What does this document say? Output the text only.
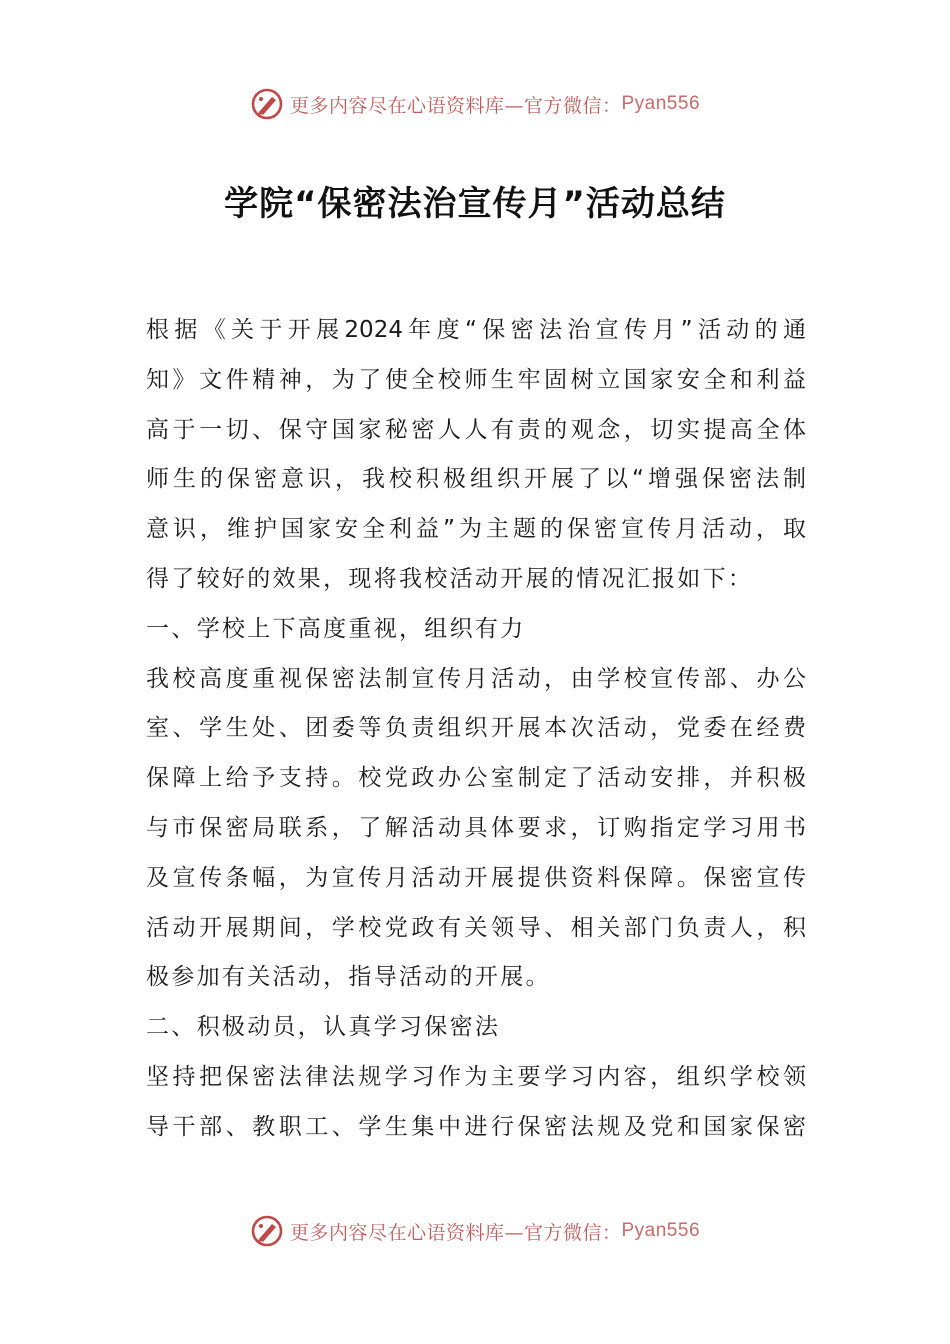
更多内容尽在心语资料库—官方微信： Pyan556
学院“保密法治宣传月”活动总结
根据《关于开展2024年度“保密法治宣传月”活动的通
知》文件精神，为了使全校师生牢固树立国家安全和利益
高于一切、保守国家秘密人人有责的观念，切实提高全体
师生的保密意识，我校积极组织开展了以“增强保密法制
意识，维护国家安全利益”为主题的保密宣传月活动，取
得了较好的效果，现将我校活动开展的情况汇报如下：
一、学校上下高度重视，组织有力
我校高度重视保密法制宣传月活动，由学校宣传部、办公
室、学生处、团委等负责组织开展本次活动，党委在经费
保障上给予支持。校党政办公室制定了活动安排，并积极
与市保密局联系，了解活动具体要求，订购指定学习用书
及宣传条幅，为宣传月活动开展提供资料保障。保密宣传
活动开展期间，学校党政有关领导、相关部门负责人，积
极参加有关活动，指导活动的开展。
二、积极动员，认真学习保密法
坚持把保密法律法规学习作为主要学习内容，组织学校领
导干部、教职工、学生集中进行保密法规及党和国家保密
更多内容尽在心语资料库—官方微信： Pyan556
